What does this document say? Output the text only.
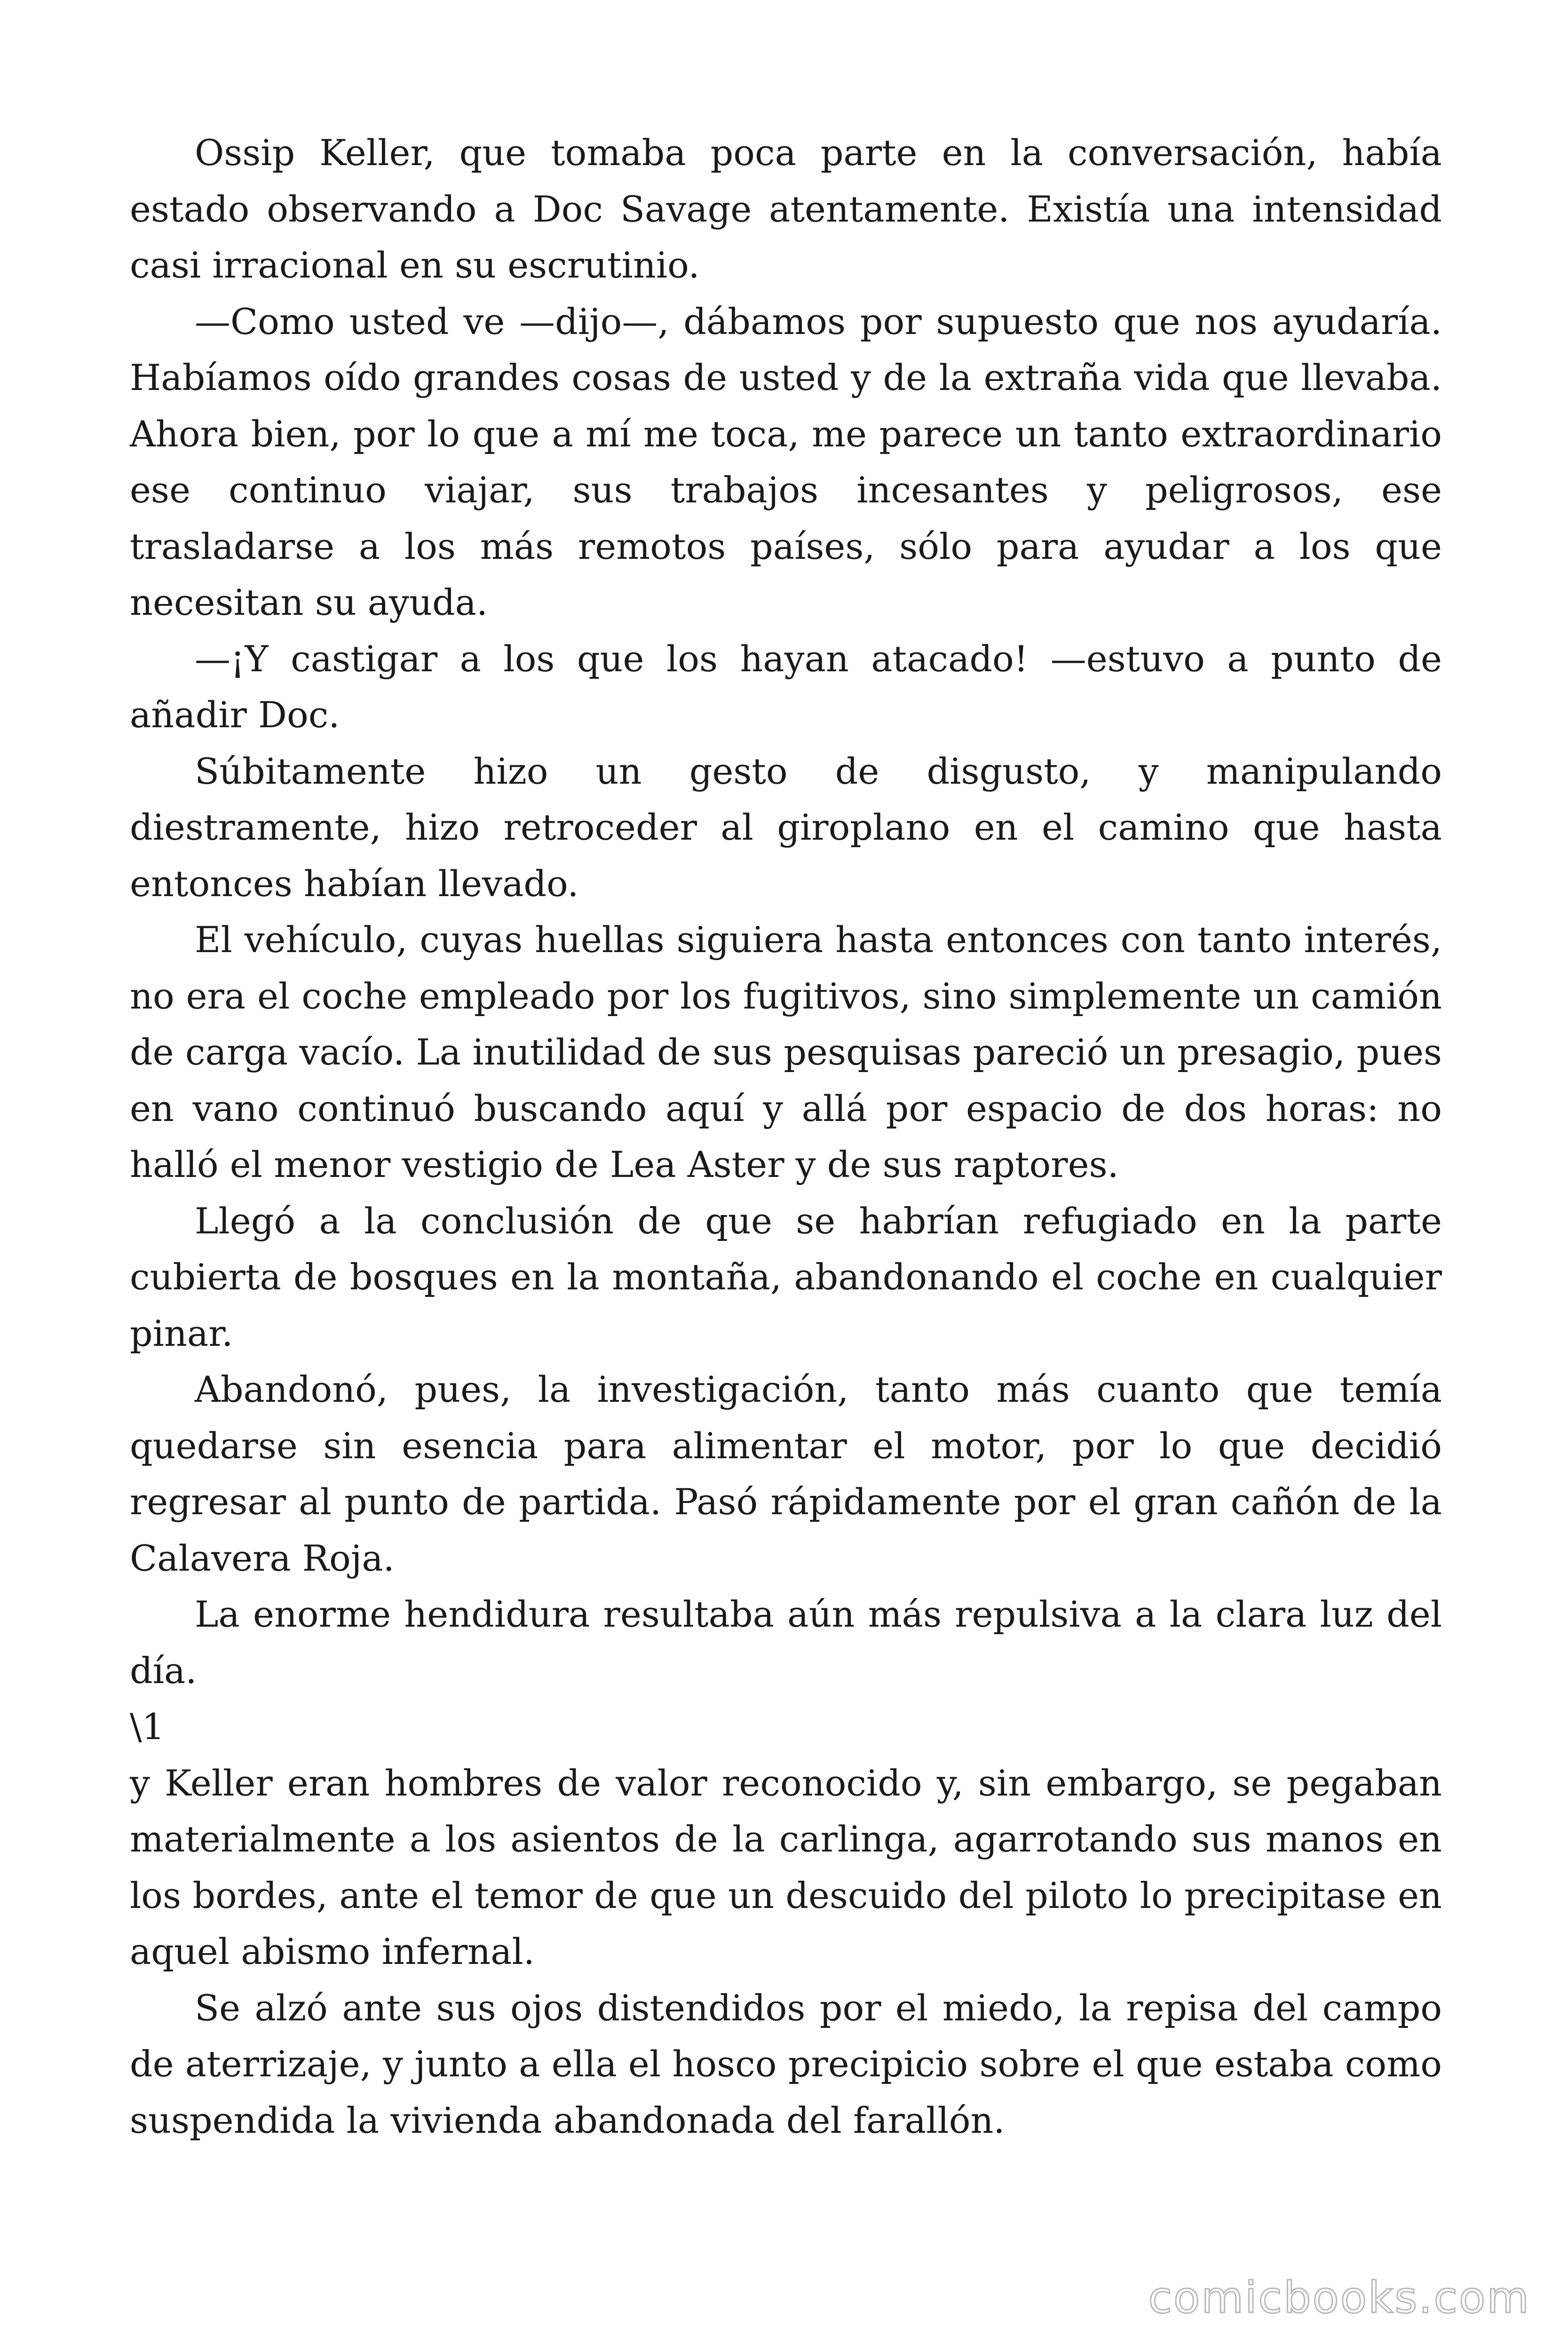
Ossip Keller, que tomaba poca parte en la conversación, había estado observando a Doc Savage atentamente. Existía una intensidad casi irracional en su escrutinio.

—Como usted ve —dijo—, dábamos por supuesto que nos ayudaría. Habíamos oído grandes cosas de usted y de la extraña vida que llevaba. Ahora bien, por lo que a mí me toca, me parece un tanto extraordinario ese continuo viajar, sus trabajos incesantes y peligrosos, ese trasladarse a los más remotos países, sólo para ayudar a los que necesitan su ayuda.

—¡Y castigar a los que los hayan atacado! —estuvo a punto de añadir Doc.

Súbitamente hizo un gesto de disgusto, y manipulando diestramente, hizo retroceder al giroplano en el camino que hasta entonces habían llevado.

El vehículo, cuyas huellas siguiera hasta entonces con tanto interés, no era el coche empleado por los fugitivos, sino simplemente un camión de carga vacío. La inutilidad de sus pesquisas pareció un presagio, pues en vano continuó buscando aquí y allá por espacio de dos horas: no halló el menor vestigio de Lea Aster y de sus raptores.

Llegó a la conclusión de que se habrían refugiado en la parte cubierta de bosques en la montaña, abandonando el coche en cualquier pinar.

Abandonó, pues, la investigación, tanto más cuanto que temía quedarse sin esencia para alimentar el motor, por lo que decidió regresar al punto de partida. Pasó rápidamente por el gran cañón de la Calavera Roja.

La enorme hendidura resultaba aún más repulsiva a la clara luz del día.

\1

y Keller eran hombres de valor reconocido y, sin embargo, se pegaban materialmente a los asientos de la carlinga, agarrotando sus manos en los bordes, ante el temor de que un descuido del piloto lo precipitase en aquel abismo infernal.

Se alzó ante sus ojos distendidos por el miedo, la repisa del campo de aterrizaje, y junto a ella el hosco precipicio sobre el que estaba como suspendida la vivienda abandonada del farallón.

comicbooks.com
